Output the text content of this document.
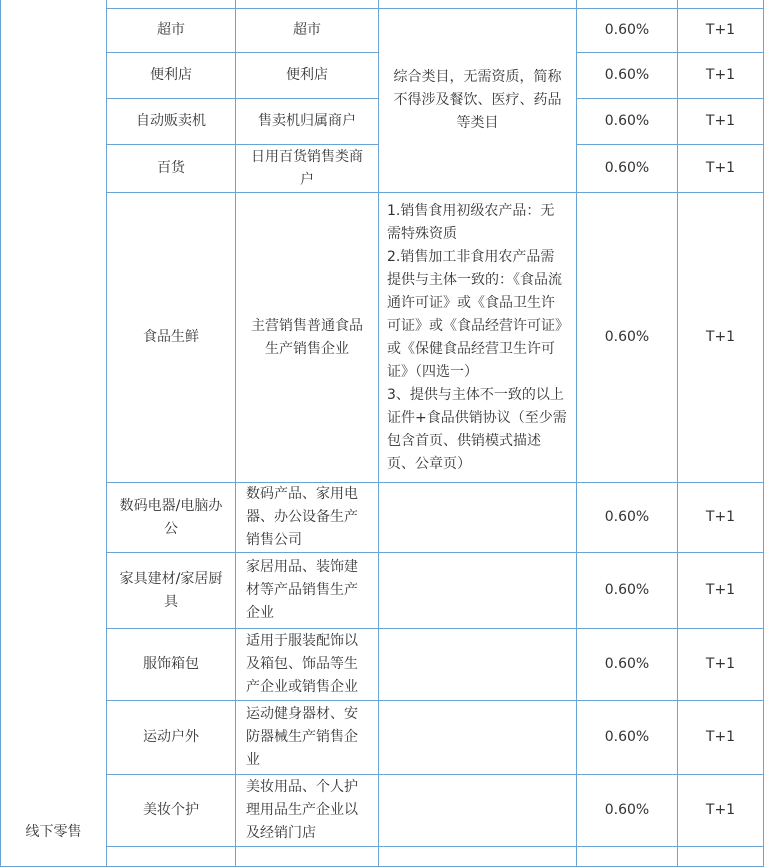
线下零售					
	超市	超市	综合类目，无需资质，简称不得涉及餐饮、医疗、药品等类目	0.60%	T+1
	便利店	便利店		0.60%	T+1
	自动贩卖机	售卖机归属商户		0.60%	T+1
	百货	日用百货销售类商户		0.60%	T+1
	食品生鲜	主营销售普通食品生产销售企业	1.销售食用初级农产品：无需特殊资质
2.销售加工非食用农产品需提供与主体一致的：《食品流通许可证》或《食品卫生许可证》或《食品经营许可证》或《保健食品经营卫生许可证》（四选一）
3、提供与主体不一致的以上证件+食品供销协议（至少需包含首页、供销模式描述页、公章页）	0.60%	T+1
	数码电器/电脑办公	数码产品、家用电器、办公设备生产销售公司		0.60%	T+1
	家具建材/家居厨具	家居用品、装饰建材等产品销售生产企业		0.60%	T+1
	服饰箱包	适用于服装配饰以及箱包、饰品等生产企业或销售企业		0.60%	T+1
	运动户外	运动健身器材、安防器械生产销售企业		0.60%	T+1
	美妆个护	美妆用品、个人护理用品生产企业以及经销门店		0.60%	T+1
